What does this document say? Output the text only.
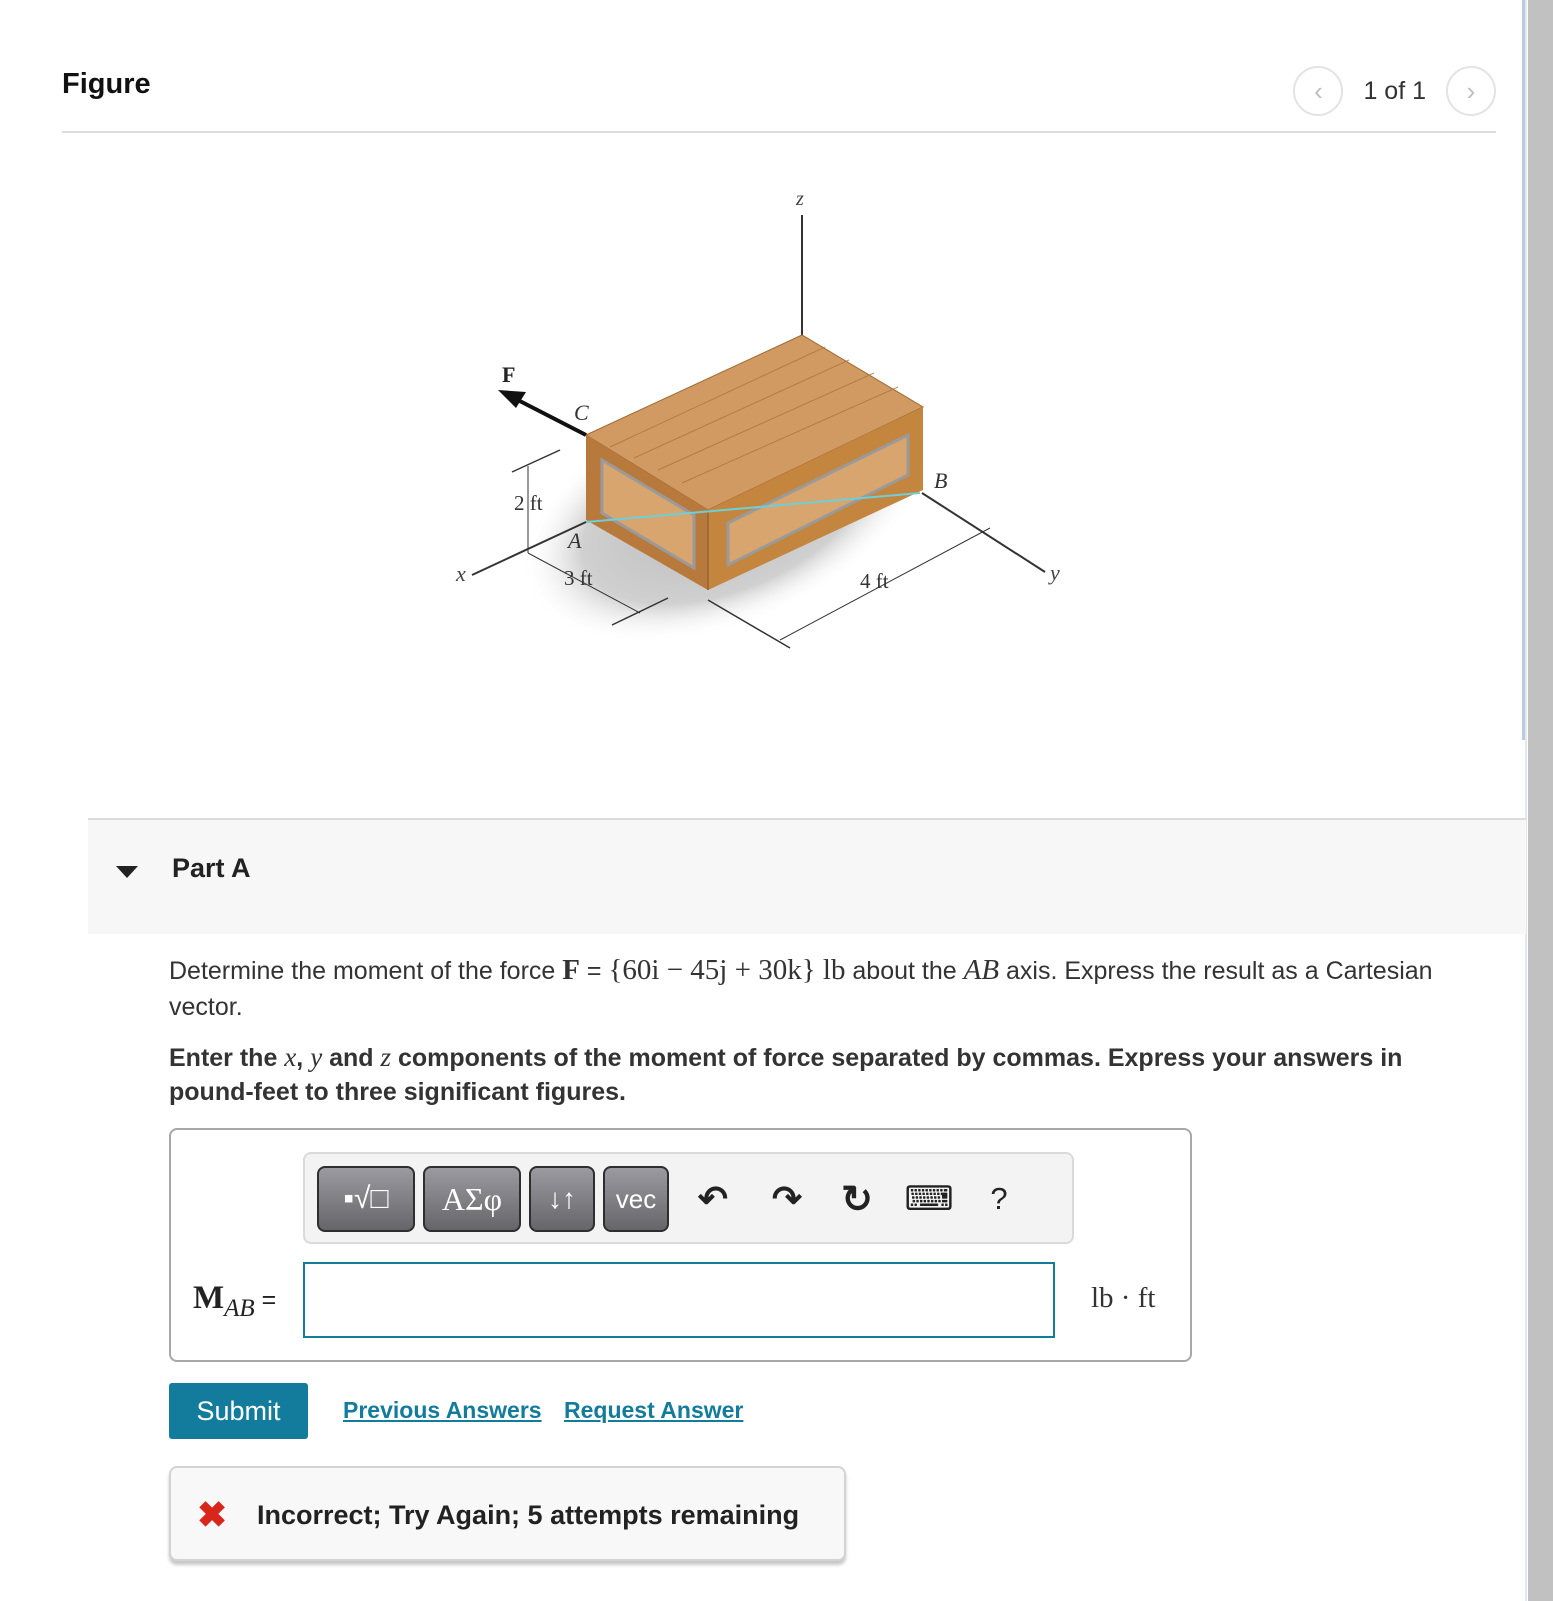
Figure	‹ 1 of 1 ›
z
F
C
A
B
x	y
2 ft
3 ft	4 ft
Part A
Determine the moment of the force F = {60i − 45j + 30k} lb about the AB axis. Express the result as a Cartesian vector.
Enter the x, y and z components of the moment of force separated by commas. Express your answers in pound-feet to three significant figures.
▪√□ ΑΣφ ↓↑ vec ↶ ↷ ↻ ⌨ ?
$M_{AB}$ =	lb · ft
Submit	Previous Answers Request Answer
✖ Incorrect; Try Again; 5 attempts remaining
